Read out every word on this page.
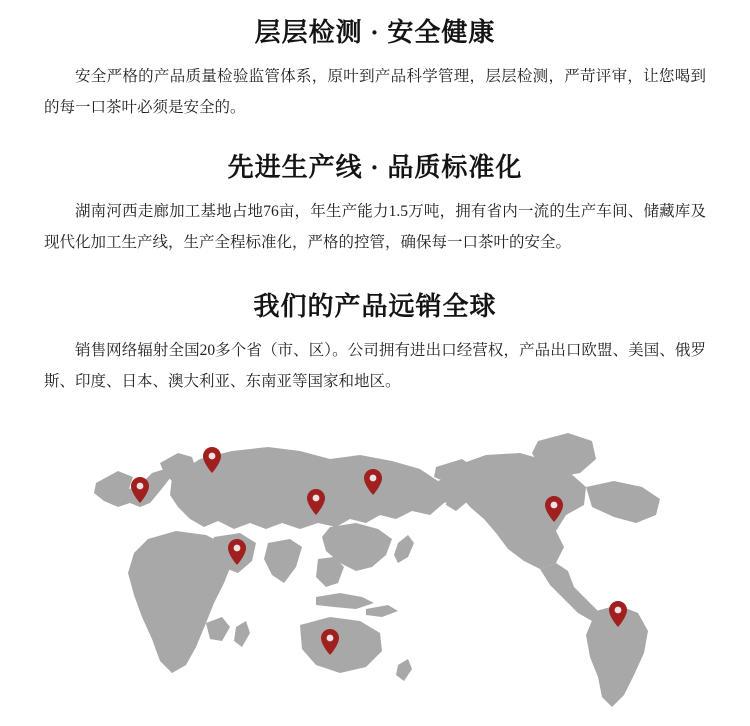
层层检测 · 安全健康

安全严格的产品质量检验监管体系，原叶到产品科学管理，层层检测，严苛评审，让您喝到的每一口茶叶必须是安全的。

先进生产线 · 品质标准化

湖南河西走廊加工基地占地76亩，年生产能力1.5万吨，拥有省内一流的生产车间、储藏库及现代化加工生产线，生产全程标准化，严格的控管，确保每一口茶叶的安全。

我们的产品远销全球

销售网络辐射全国20多个省（市、区）。公司拥有进出口经营权，产品出口欧盟、美国、俄罗斯、印度、日本、澳大利亚、东南亚等国家和地区。
